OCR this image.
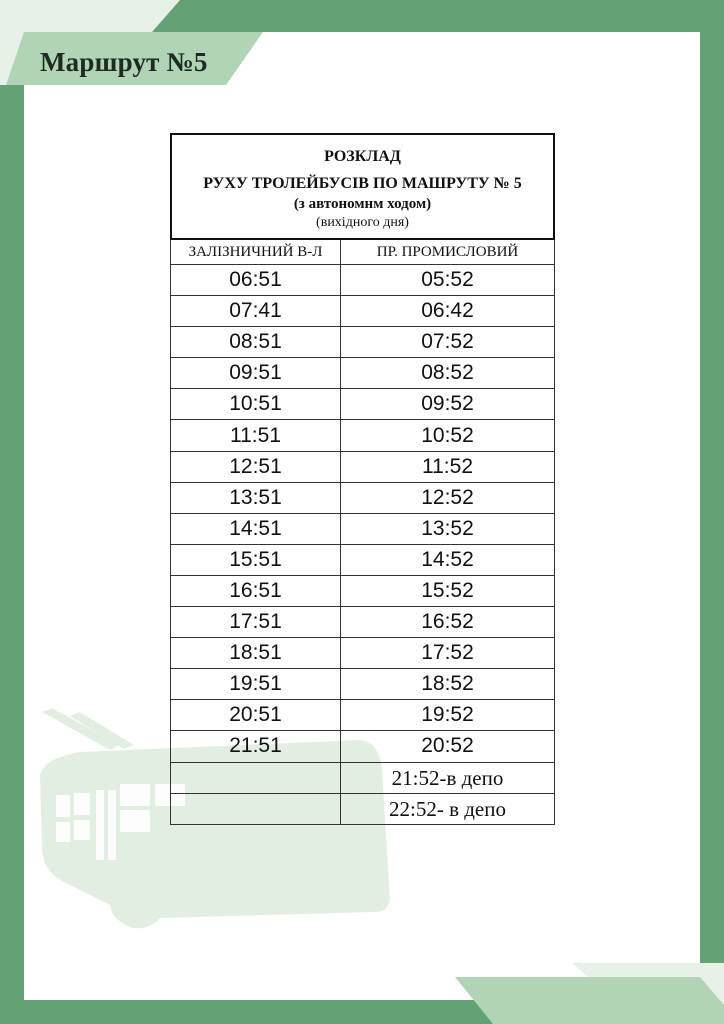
Маршрут №5
РОЗКЛАД
РУХУ ТРОЛЕЙБУСІВ ПО МАШРУТУ № 5
(з автономнм ходом)
(вихідного дня)
ЗАЛІЗНИЧНИЙ В-Л	ПР. ПРОМИСЛОВИЙ
06:51	05:52
07:41	06:42
08:51	07:52
09:51	08:52
10:51	09:52
11:51	10:52
12:51	11:52
13:51	12:52
14:51	13:52
15:51	14:52
16:51	15:52
17:51	16:52
18:51	17:52
19:51	18:52
20:51	19:52
21:51	20:52
	21:52-в депо
	22:52- в депо
